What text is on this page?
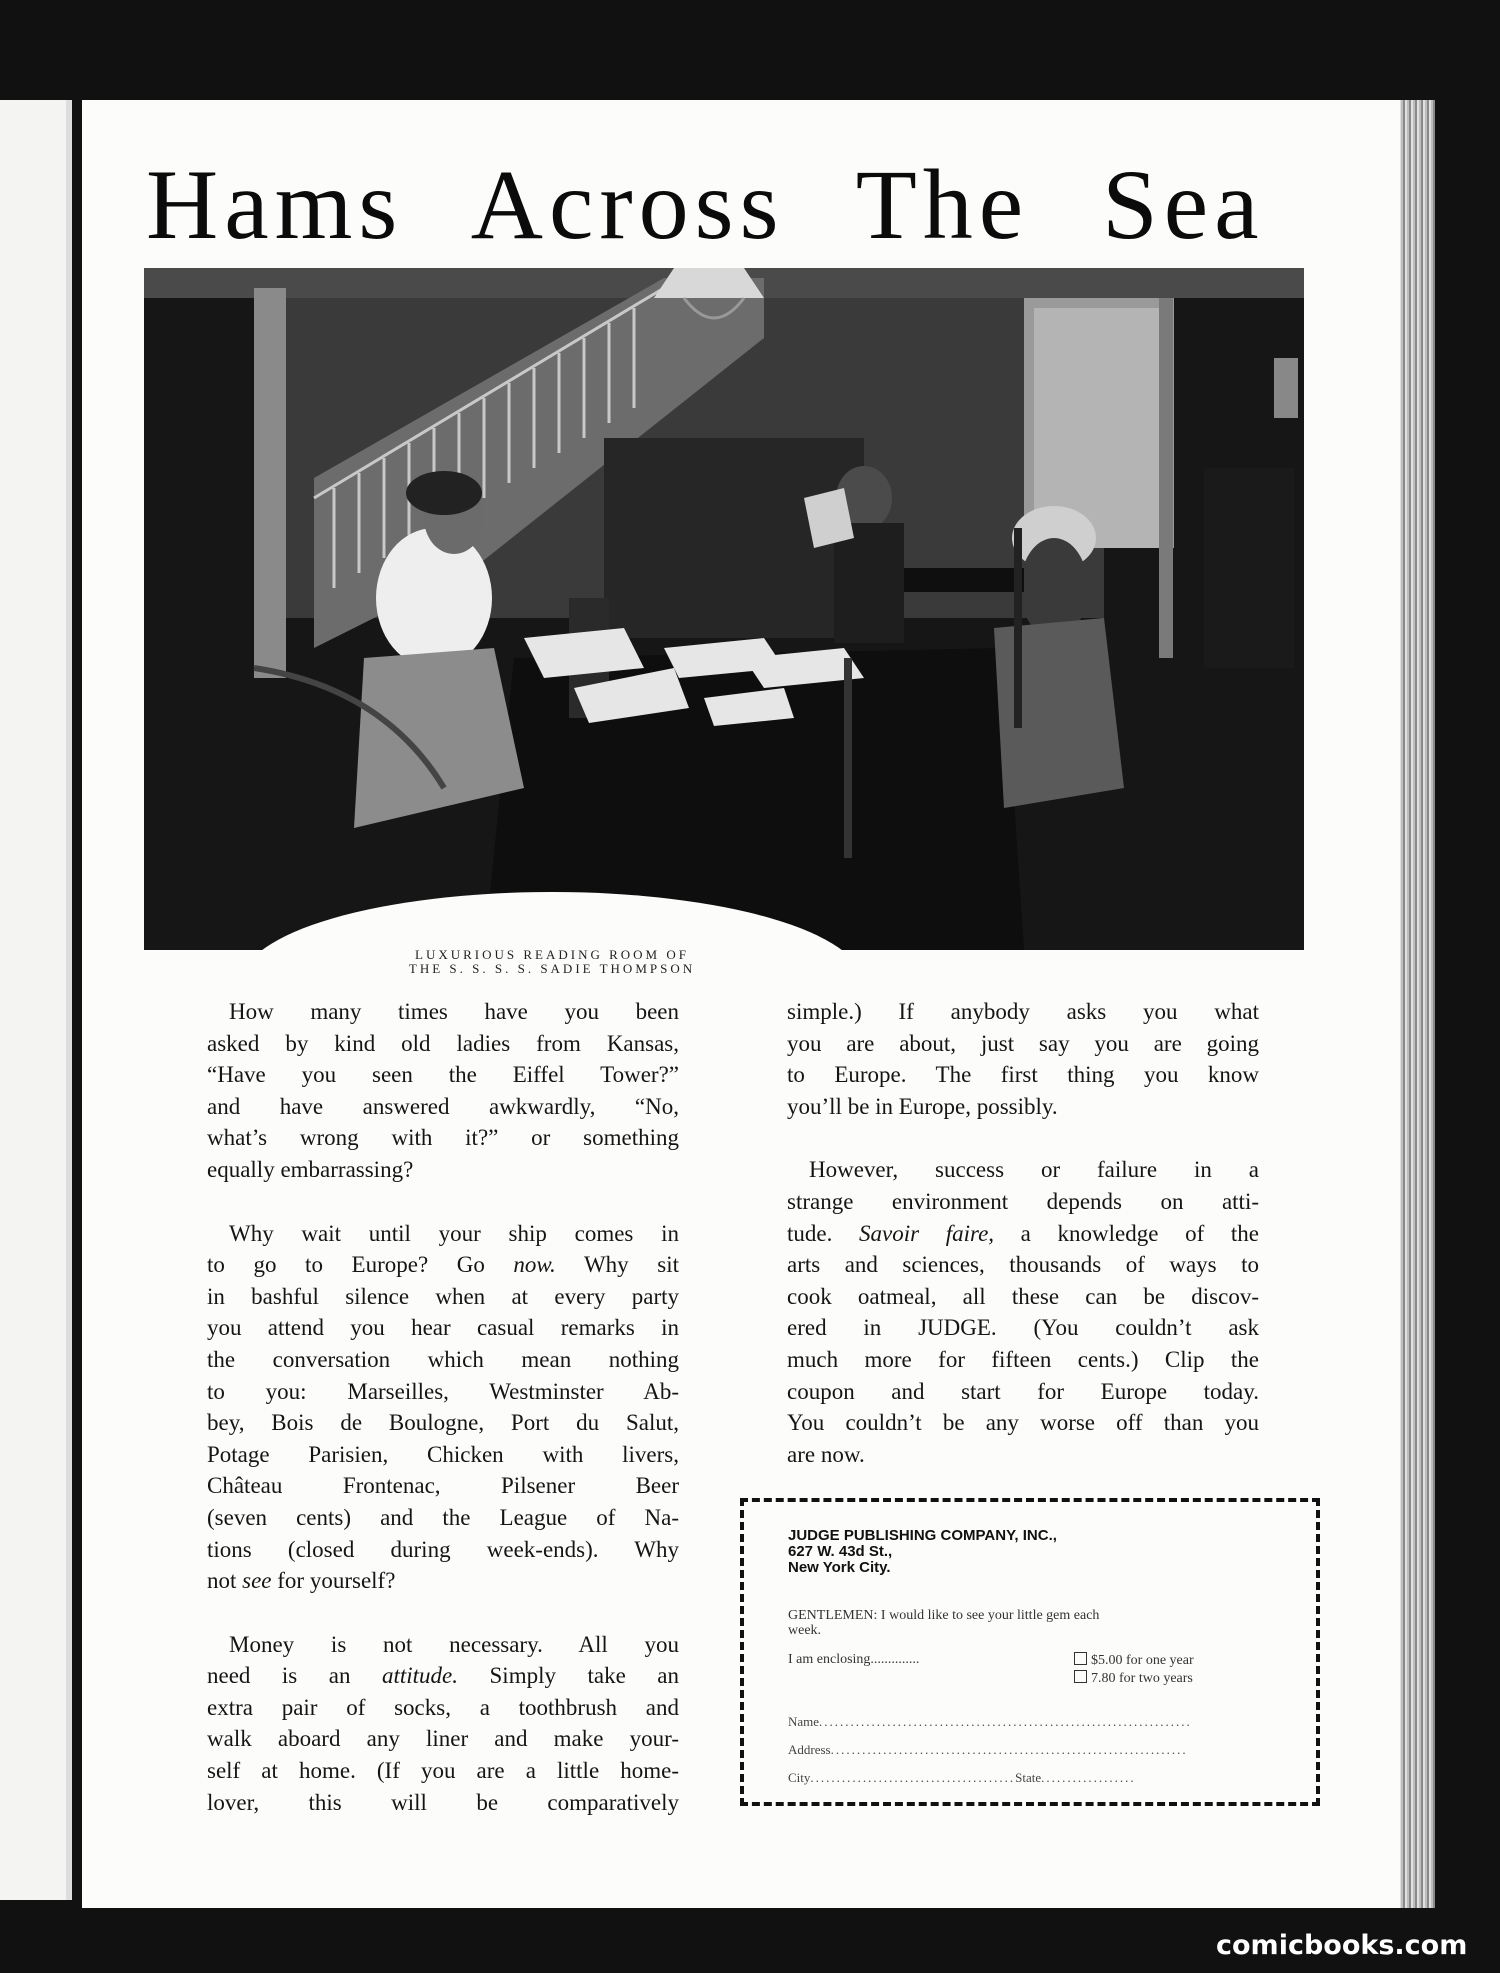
Hams Across The Sea
LUXURIOUS READING ROOM OF
THE S. S. S. S. SADIE THOMPSON
How many times have you been
asked by kind old ladies from Kansas,
“Have you seen the Eiffel Tower?”
and have answered awkwardly, “No,
what’s wrong with it?” or something
equally embarrassing?
Why wait until your ship comes in
to go to Europe? Go now. Why sit
in bashful silence when at every party
you attend you hear casual remarks in
the conversation which mean nothing
to you: Marseilles, Westminster Ab-
bey, Bois de Boulogne, Port du Salut,
Potage Parisien, Chicken with livers,
Château Frontenac, Pilsener Beer
(seven cents) and the League of Na-
tions (closed during week-ends). Why
not see for yourself?
Money is not necessary. All you
need is an attitude. Simply take an
extra pair of socks, a toothbrush and
walk aboard any liner and make your-
self at home. (If you are a little home-
lover, this will be comparatively
simple.) If anybody asks you what
you are about, just say you are going
to Europe. The first thing you know
you’ll be in Europe, possibly.
However, success or failure in a
strange environment depends on atti-
tude. Savoir faire, a knowledge of the
arts and sciences, thousands of ways to
cook oatmeal, all these can be discov-
ered in JUDGE. (You couldn’t ask
much more for fifteen cents.) Clip the
coupon and start for Europe today.
You couldn’t be any worse off than you
are now.
JUDGE PUBLISHING COMPANY, INC.,
627 W. 43d St.,
New York City.
GENTLEMEN: I would like to see your little gem each
week.
I am enclosing..............	$5.00 for one year
7.80 for two years
Name.......................................................................
Address....................................................................
City.......................................State..................
comicbooks.com
